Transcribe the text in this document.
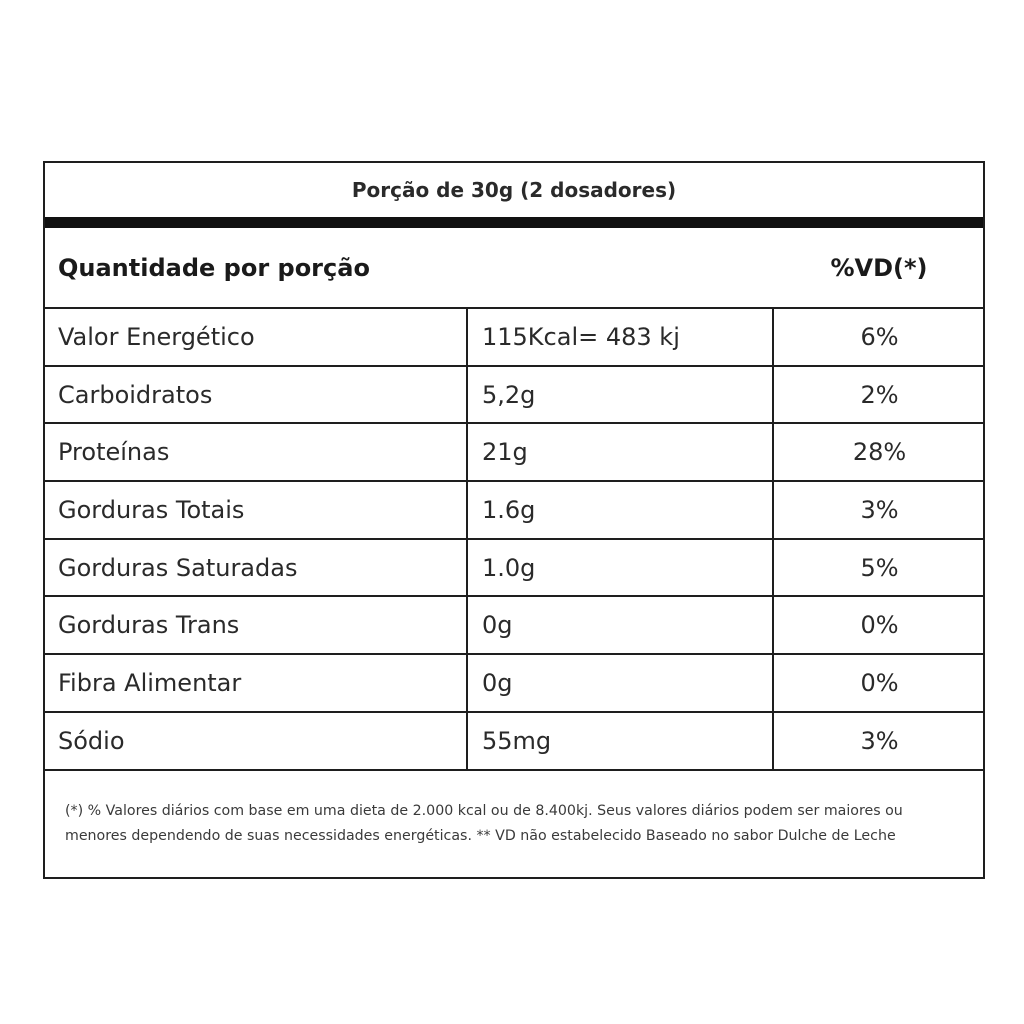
Porção de 30g (2 dosadores)
Quantidade por porção	%VD(*)
Valor Energético	115Kcal= 483 kj	6%
Carboidratos	5,2g	2%
Proteínas	21g	28%
Gorduras Totais	1.6g	3%
Gorduras Saturadas	1.0g	5%
Gorduras Trans	0g	0%
Fibra Alimentar	0g	0%
Sódio	55mg	3%
(*) % Valores diários com base em uma dieta de 2.000 kcal ou de 8.400kj. Seus valores diários podem ser maiores ou menores dependendo de suas necessidades energéticas. ** VD não estabelecido Baseado no sabor Dulche de Leche
